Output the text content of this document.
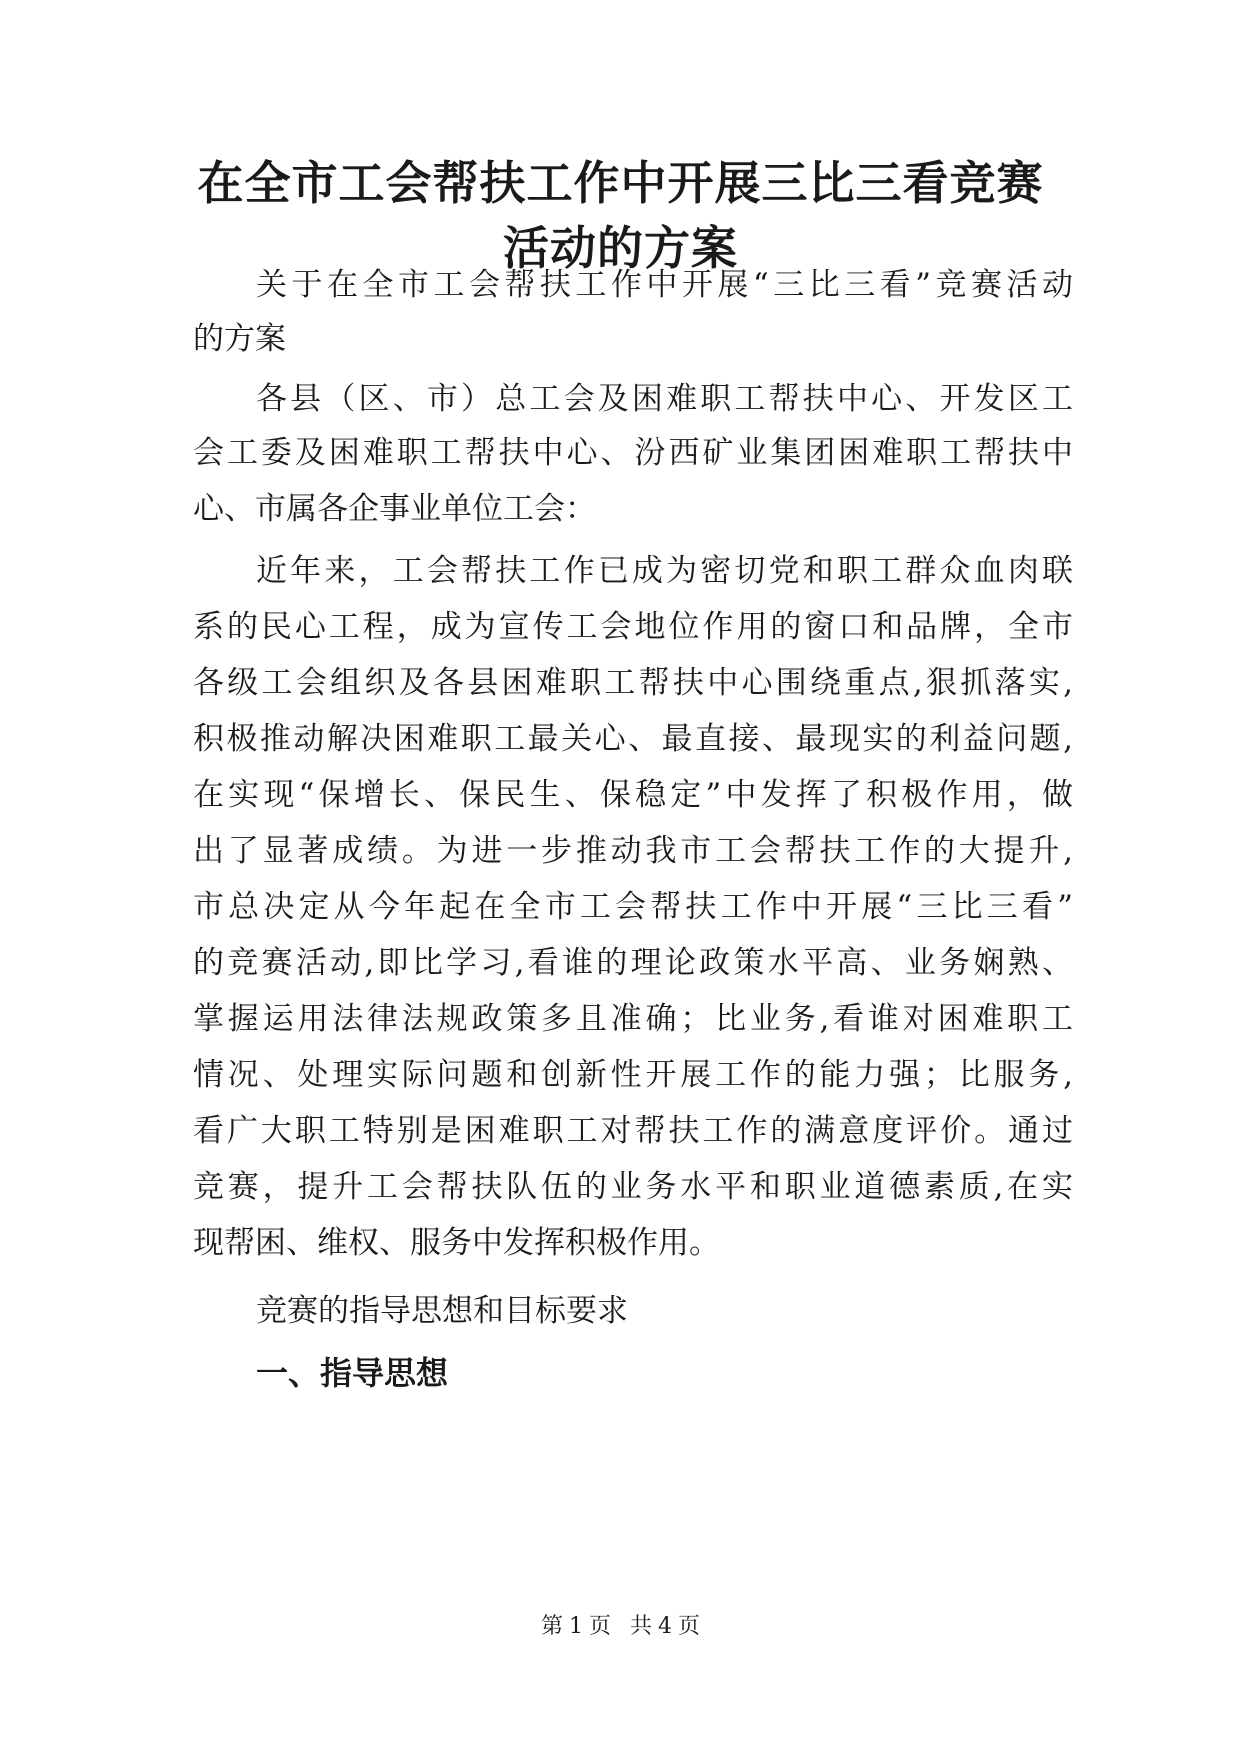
在全市工会帮扶工作中开展三比三看竞赛
活动的方案
关于在全市工会帮扶工作中开展“三比三看”竞赛活动
的方案
各县（区、市）总工会及困难职工帮扶中心、开发区工
会工委及困难职工帮扶中心、汾西矿业集团困难职工帮扶中
心、市属各企事业单位工会：
近年来，工会帮扶工作已成为密切党和职工群众血肉联
系的民心工程，成为宣传工会地位作用的窗口和品牌，全市
各级工会组织及各县困难职工帮扶中心围绕重点,狠抓落实,
积极推动解决困难职工最关心、最直接、最现实的利益问题,
在实现“保增长、保民生、保稳定”中发挥了积极作用，做
出了显著成绩。为进一步推动我市工会帮扶工作的大提升,
市总决定从今年起在全市工会帮扶工作中开展“三比三看”
的竞赛活动,即比学习,看谁的理论政策水平高、业务娴熟、
掌握运用法律法规政策多且准确；比业务,看谁对困难职工
情况、处理实际问题和创新性开展工作的能力强；比服务,
看广大职工特别是困难职工对帮扶工作的满意度评价。通过
竞赛，提升工会帮扶队伍的业务水平和职业道德素质,在实
现帮困、维权、服务中发挥积极作用。
竞赛的指导思想和目标要求
一、指导思想
第 1 页 共 4 页
